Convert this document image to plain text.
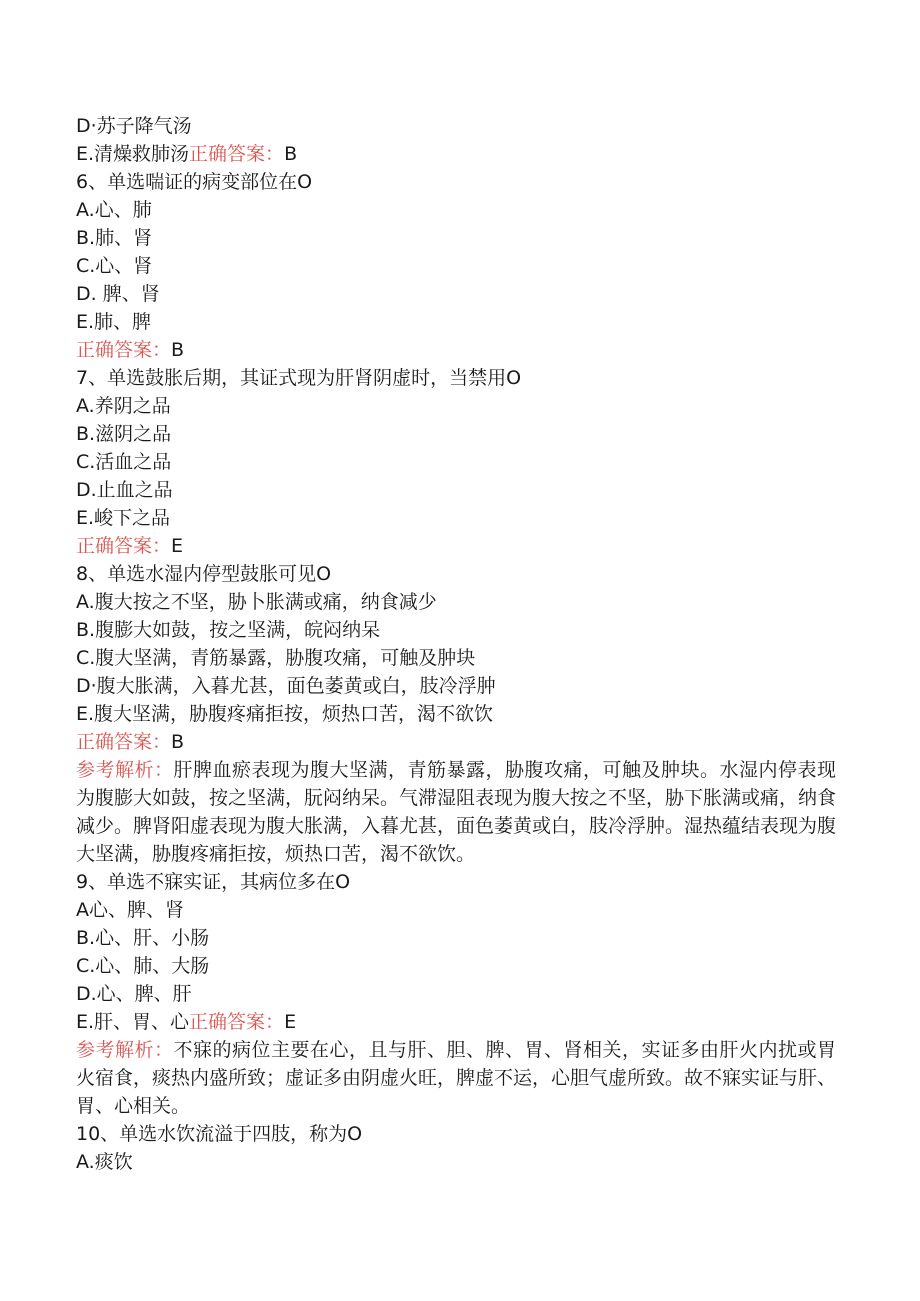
D·苏子降气汤
E.清燥救肺汤正确答案：B
6、单选喘证的病变部位在O
A.心、肺
B.肺、肾
C.心、肾
D. 脾、肾
E.肺、脾
正确答案：B
7、单选鼓胀后期，其证式现为肝肾阴虚时，当禁用O
A.养阴之品
B.滋阴之品
C.活血之品
D.止血之品
E.峻下之品
正确答案：E
8、单选水湿内停型鼓胀可见O
A.腹大按之不坚，胁卜胀满或痛，纳食减少
B.腹膨大如鼓，按之坚满，皖闷纳呆
C.腹大坚满，青筋暴露，胁腹攻痛，可触及肿块
D·腹大胀满，入暮尤甚，面色萎黄或白，肢冷浮肿
E.腹大坚满，胁腹疼痛拒按，烦热口苦，渴不欲饮
正确答案：B
参考解析：肝脾血瘀表现为腹大坚满，青筋暴露，胁腹攻痛，可触及肿块。水湿内停表现为腹膨大如鼓，按之坚满，朊闷纳呆。气滞湿阻表现为腹大按之不坚，胁下胀满或痛，纳食减少。脾肾阳虚表现为腹大胀满，入暮尤甚，面色萎黄或白，肢冷浮肿。湿热蕴结表现为腹大坚满，胁腹疼痛拒按，烦热口苦，渴不欲饮。
9、单选不寐实证，其病位多在O
A心、脾、肾
B.心、肝、小肠
C.心、肺、大肠
D.心、脾、肝
E.肝、胃、心正确答案：E
参考解析：不寐的病位主要在心，且与肝、胆、脾、胃、肾相关，实证多由肝火内扰或胃火宿食，痰热内盛所致；虚证多由阴虚火旺，脾虚不运，心胆气虚所致。故不寐实证与肝、胃、心相关。
10、单选水饮流溢于四肢，称为O
A.痰饮
